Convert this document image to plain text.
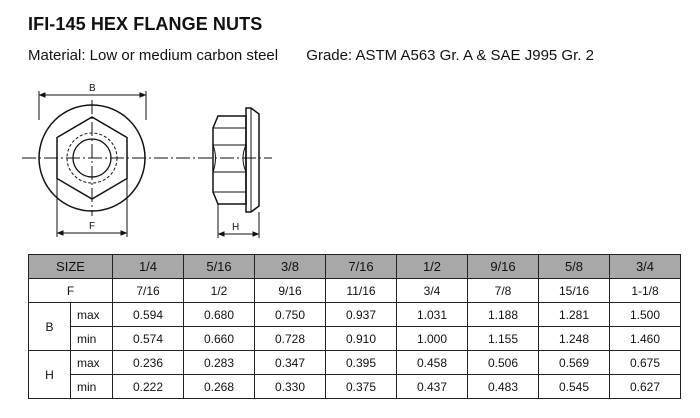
IFI-145 HEX FLANGE NUTS
Material: Low or medium carbon steel Grade: ASTM A563 Gr. A & SAE J995 Gr. 2
B
F	H
SIZE		1/4	5/16	3/8	7/16	1/2	9/16	5/8	3/4
F		7/16	1/2	9/16	11/16	3/4	7/8	15/16	1-1/8
B	max	0.594	0.680	0.750	0.937	1.031	1.188	1.281	1.500
	min	0.574	0.660	0.728	0.910	1.000	1.155	1.248	1.460
H	max	0.236	0.283	0.347	0.395	0.458	0.506	0.569	0.675
	min	0.222	0.268	0.330	0.375	0.437	0.483	0.545	0.627
